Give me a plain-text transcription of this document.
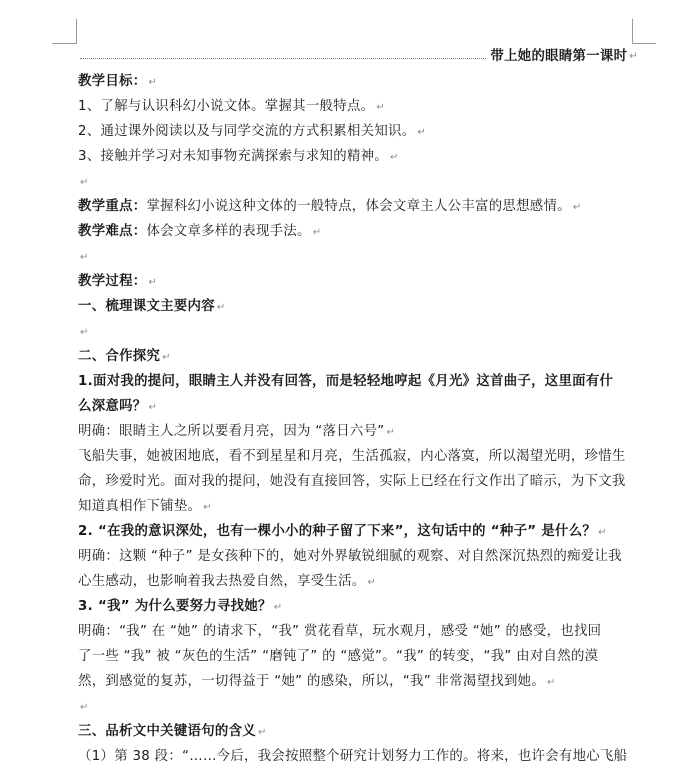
带上她的眼睛第一课时 ↵
教学目标： ↵
1、了解与认识科幻小说文体。掌握其一般特点。 ↵
2、通过课外阅读以及与同学交流的方式积累相关知识。 ↵
3、接触并学习对未知事物充满探索与求知的精神。 ↵
↵
教学重点：掌握科幻小说这种文体的一般特点，体会文章主人公丰富的思想感情。 ↵
教学难点：体会文章多样的表现手法。 ↵
↵
教学过程： ↵
一、梳理课文主要内容 ↵
↵
二、合作探究 ↵
1.面对我的提问，眼睛主人并没有回答，而是轻轻地哼起《月光》这首曲子，这里面有什
么深意吗？ ↵
明确：眼睛主人之所以要看月亮，因为 “落日六号” ↵
飞船失事，她被困地底，看不到星星和月亮，生活孤寂，内心落寞，所以渴望光明，珍惜生
命，珍爱时光。面对我的提问，她没有直接回答，实际上已经在行文作出了暗示，为下文我
知道真相作下铺垫。 ↵
2. “在我的意识深处，也有一棵小小的种子留了下来”，这句话中的 “种子” 是什么？ ↵
明确：这颗 “种子” 是女孩种下的，她对外界敏锐细腻的观察、对自然深沉热烈的痴爱让我
心生感动，也影响着我去热爱自然，享受生活。 ↵
3. “我” 为什么要努力寻找她？ ↵
明确：“我” 在 “她” 的请求下，“我” 赏花看草，玩水观月，感受 “她” 的感受，也找回
了一些 “我” 被 “灰色的生活” “磨钝了” 的 “感觉”。“我” 的转变，“我” 由对自然的漠
然，到感觉的复苏，一切得益于 “她” 的感染，所以，“我” 非常渴望找到她。 ↵
↵
三、品析文中关键语句的含义 ↵
（1）第 38 段：“……今后，我会按照整个研究计划努力工作的。将来，也许会有地心飞船
